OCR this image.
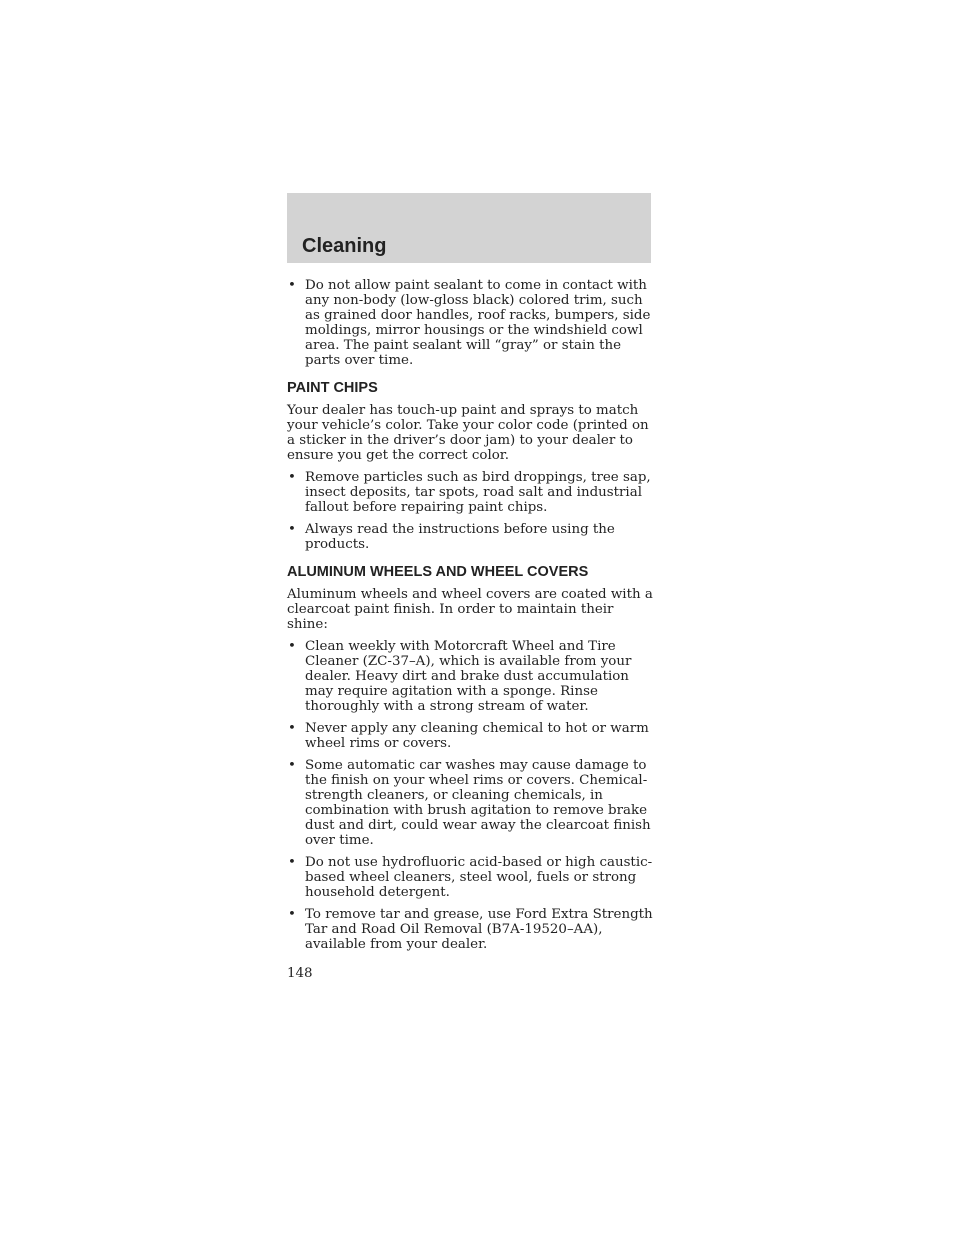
Cleaning
• Do not allow paint sealant to come in contact with any non-body (low-gloss black) colored trim, such as grained door handles, roof racks, bumpers, side moldings, mirror housings or the windshield cowl area. The paint sealant will “gray” or stain the parts over time.
PAINT CHIPS

Your dealer has touch-up paint and sprays to match your vehicle’s color. Take your color code (printed on a sticker in the driver’s door jam) to your dealer to ensure you get the correct color.

• Remove particles such as bird droppings, tree sap, insect deposits, tar spots, road salt and industrial fallout before repairing paint chips.
• Always read the instructions before using the products.
ALUMINUM WHEELS AND WHEEL COVERS

Aluminum wheels and wheel covers are coated with a clearcoat paint finish. In order to maintain their shine:

• Clean weekly with Motorcraft Wheel and Tire Cleaner (ZC-37–A), which is available from your dealer. Heavy dirt and brake dust accumulation may require agitation with a sponge. Rinse thoroughly with a strong stream of water.
• Never apply any cleaning chemical to hot or warm wheel rims or covers.
• Some automatic car washes may cause damage to the finish on your wheel rims or covers. Chemical-strength cleaners, or cleaning chemicals, in combination with brush agitation to remove brake dust and dirt, could wear away the clearcoat finish over time.
• Do not use hydrofluoric acid-based or high caustic-based wheel cleaners, steel wool, fuels or strong household detergent.
• To remove tar and grease, use Ford Extra Strength Tar and Road Oil Removal (B7A-19520–AA), available from your dealer.
148
